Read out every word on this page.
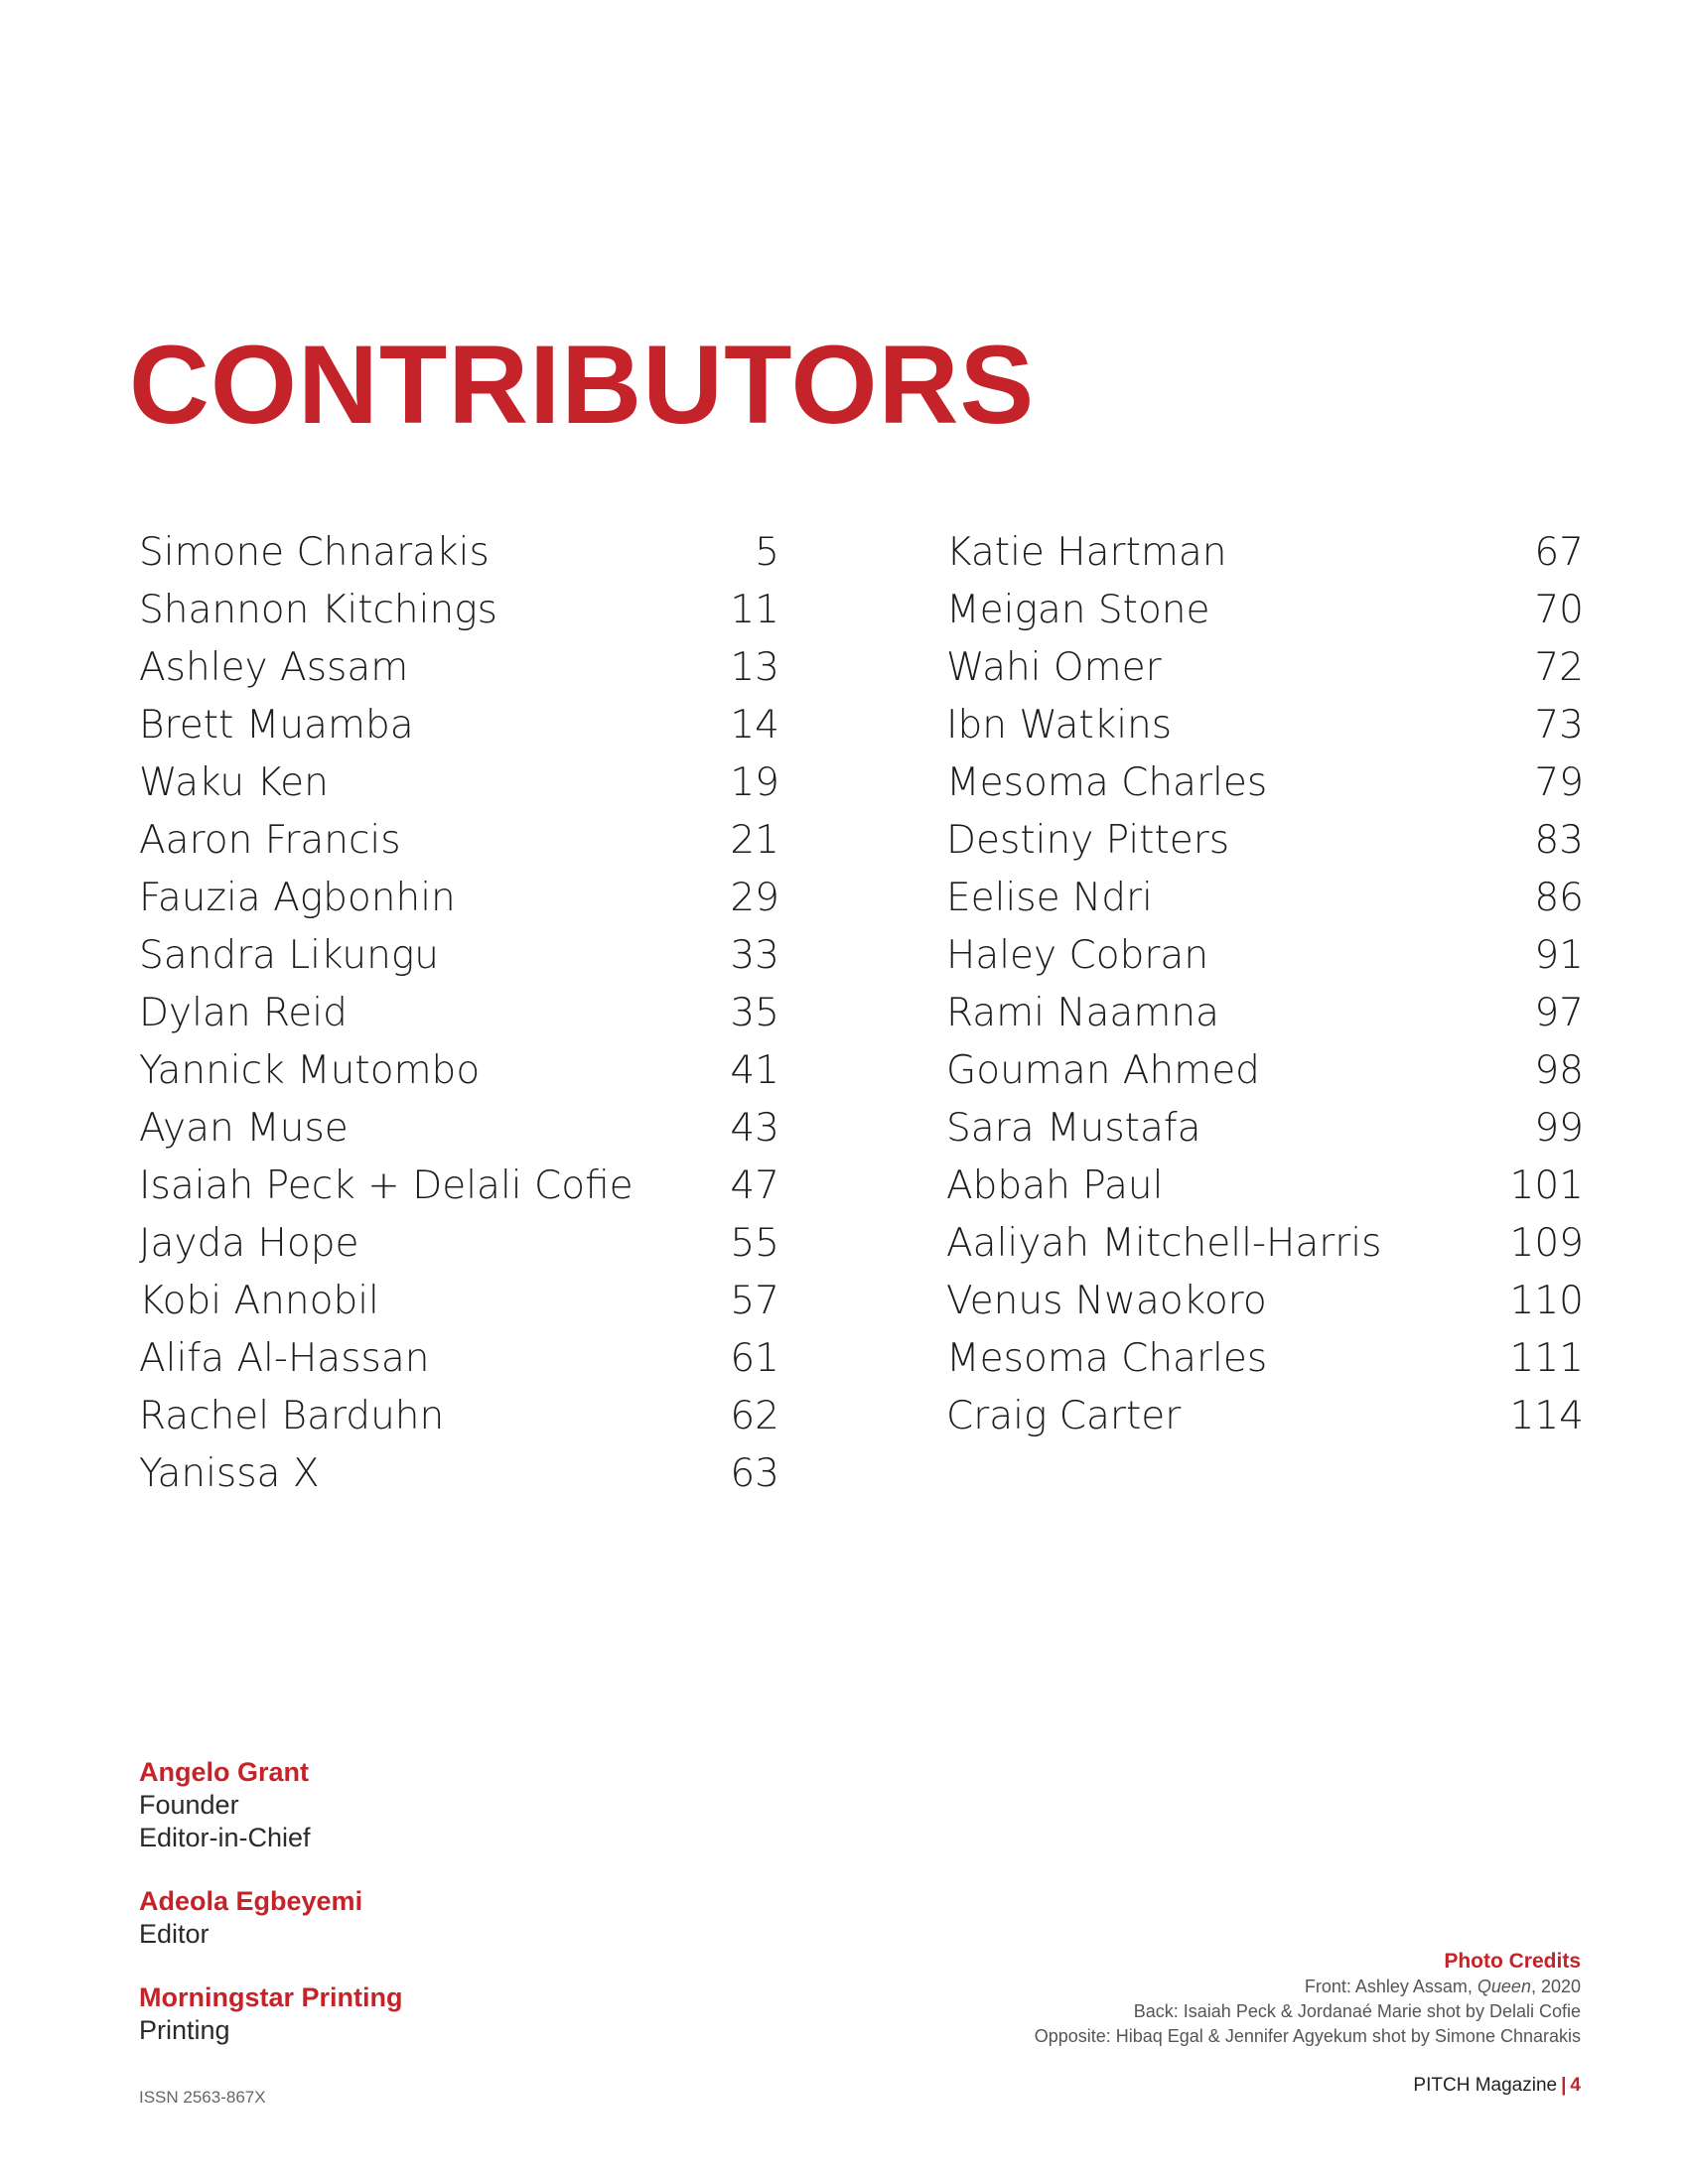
CONTRIBUTORS
Simone Chnarakis	5
Shannon Kitchings	11
Ashley Assam	13
Brett Muamba	14
Waku Ken	19
Aaron Francis	21
Fauzia Agbonhin	29
Sandra Likungu	33
Dylan Reid	35
Yannick Mutombo	41
Ayan Muse	43
Isaiah Peck + Delali Cofie	47
Jayda Hope	55
Kobi Annobil	57
Alifa Al-Hassan	61
Rachel Barduhn	62
Yanissa X	63
Katie Hartman	67
Meigan Stone	70
Wahi Omer	72
Ibn Watkins	73
Mesoma Charles	79
Destiny Pitters	83
Eelise Ndri	86
Haley Cobran	91
Rami Naamna	97
Gouman Ahmed	98
Sara Mustafa	99
Abbah Paul	101
Aaliyah Mitchell-Harris	109
Venus Nwaokoro	110
Mesoma Charles	111
Craig Carter	114
Angelo Grant
Founder
Editor-in-Chief
Adeola Egbeyemi
Editor
Morningstar Printing
Printing
Photo Credits
Front: Ashley Assam, Queen, 2020
Back: Isaiah Peck & Jordanaé Marie shot by Delali Cofie
Opposite: Hibaq Egal & Jennifer Agyekum shot by Simone Chnarakis
ISSN 2563-867X
PITCH Magazine | 4
